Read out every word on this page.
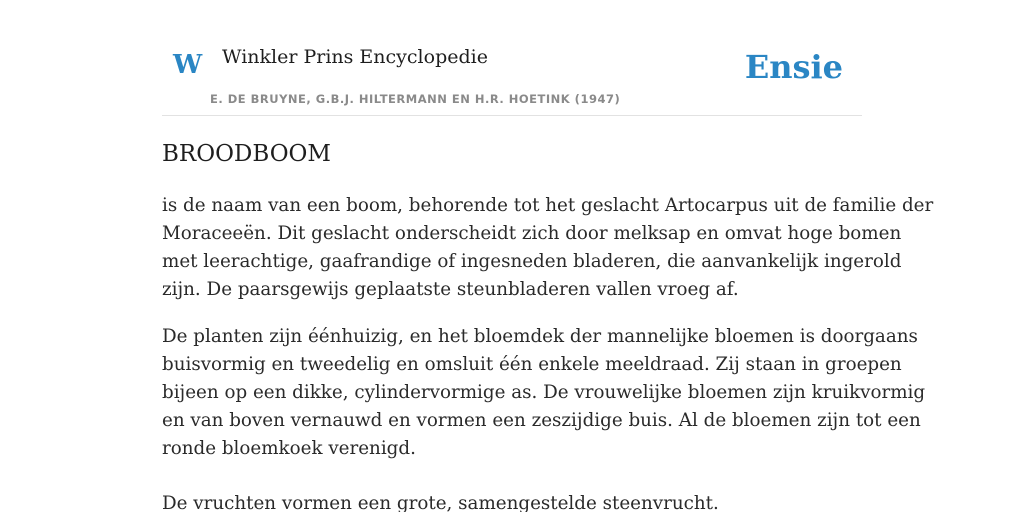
W Winkler Prins Encyclopedie
E. DE BRUYNE, G.B.J. HILTERMANN EN H.R. HOETINK (1947)
Ensie
BROODBOOM

is de naam van een boom, behorende tot het geslacht Artocarpus uit de familie der
Moraceeën. Dit geslacht onderscheidt zich door melksap en omvat hoge bomen
met leerachtige, gaafrandige of ingesneden bladeren, die aanvankelijk ingerold
zijn. De paarsgewijs geplaatste steunbladeren vallen vroeg af.

De planten zijn éénhuizig, en het bloemdek der mannelijke bloemen is doorgaans
buisvormig en tweedelig en omsluit één enkele meeldraad. Zij staan in groepen
bijeen op een dikke, cylindervormige as. De vrouwelijke bloemen zijn kruikvormig
en van boven vernauwd en vormen een zeszijdige buis. Al de bloemen zijn tot een
ronde bloemkoek verenigd.

De vruchten vormen een grote, samengestelde steenvrucht.
